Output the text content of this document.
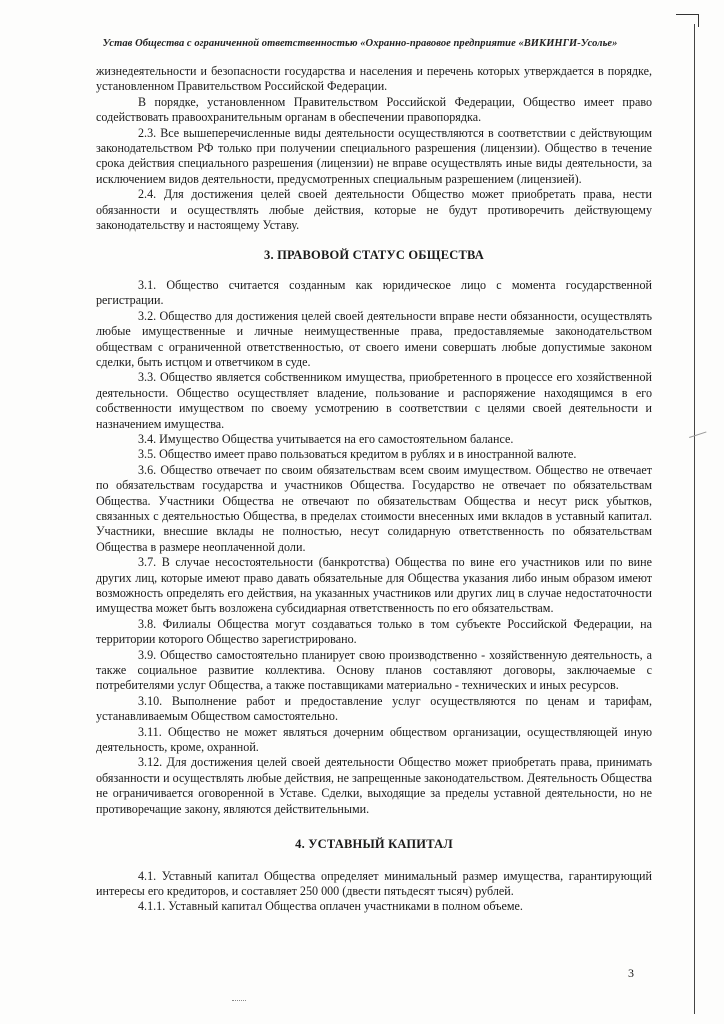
Устав Общества с ограниченной ответственностью «Охранно-правовое предприятие «ВИКИНГИ-Усолье»

жизнедеятельности и безопасности государства и населения и перечень которых утверждается в порядке, установленном Правительством Российской Федерации.

В порядке, установленном Правительством Российской Федерации, Общество имеет право содействовать правоохранительным органам в обеспечении правопорядка.

2.3. Все вышеперечисленные виды деятельности осуществляются в соответствии с действующим законодательством РФ только при получении специального разрешения (лицензии). Общество в течение срока действия специального разрешения (лицензии) не вправе осуществлять иные виды деятельности, за исключением видов деятельности, предусмотренных специальным разрешением (лицензией).

2.4. Для достижения целей своей деятельности Общество может приобретать права, нести обязанности и осуществлять любые действия, которые не будут противоречить действующему законодательству и настоящему Уставу.

3. ПРАВОВОЙ СТАТУС ОБЩЕСТВА

3.1. Общество считается созданным как юридическое лицо с момента государственной регистрации.

3.2. Общество для достижения целей своей деятельности вправе нести обязанности, осуществлять любые имущественные и личные неимущественные права, предоставляемые законодательством обществам с ограниченной ответственностью, от своего имени совершать любые допустимые законом сделки, быть истцом и ответчиком в суде.

3.3. Общество является собственником имущества, приобретенного в процессе его хозяйственной деятельности. Общество осуществляет владение, пользование и распоряжение находящимся в его собственности имуществом по своему усмотрению в соответствии с целями своей деятельности и назначением имущества.

3.4. Имущество Общества учитывается на его самостоятельном балансе.

3.5. Общество имеет право пользоваться кредитом в рублях и в иностранной валюте.

3.6. Общество отвечает по своим обязательствам всем своим имуществом. Общество не отвечает по обязательствам государства и участников Общества. Государство не отвечает по обязательствам Общества. Участники Общества не отвечают по обязательствам Общества и несут риск убытков, связанных с деятельностью Общества, в пределах стоимости внесенных ими вкладов в уставный капитал. Участники, внесшие вклады не полностью, несут солидарную ответственность по обязательствам Общества в размере неоплаченной доли.

3.7. В случае несостоятельности (банкротства) Общества по вине его участников или по вине других лиц, которые имеют право давать обязательные для Общества указания либо иным образом имеют возможность определять его действия, на указанных участников или других лиц в случае недостаточности имущества может быть возложена субсидиарная ответственность по его обязательствам.

3.8. Филиалы Общества могут создаваться только в том субъекте Российской Федерации, на территории которого Общество зарегистрировано.

3.9. Общество самостоятельно планирует свою производственно - хозяйственную деятельность, а также социальное развитие коллектива. Основу планов составляют договоры, заключаемые с потребителями услуг Общества, а также поставщиками материально - технических и иных ресурсов.

3.10. Выполнение работ и предоставление услуг осуществляются по ценам и тарифам, устанавливаемым Обществом самостоятельно.

3.11. Общество не может являться дочерним обществом организации, осуществляющей иную деятельность, кроме, охранной.

3.12. Для достижения целей своей деятельности Общество может приобретать права, принимать обязанности и осуществлять любые действия, не запрещенные законодательством. Деятельность Общества не ограничивается оговоренной в Уставе. Сделки, выходящие за пределы уставной деятельности, но не противоречащие закону, являются действительными.

4. УСТАВНЫЙ КАПИТАЛ

4.1. Уставный капитал Общества определяет минимальный размер имущества, гарантирующий интересы его кредиторов, и составляет 250 000 (двести пятьдесят тысяч) рублей.

4.1.1. Уставный капитал Общества оплачен участниками в полном объеме.

3
